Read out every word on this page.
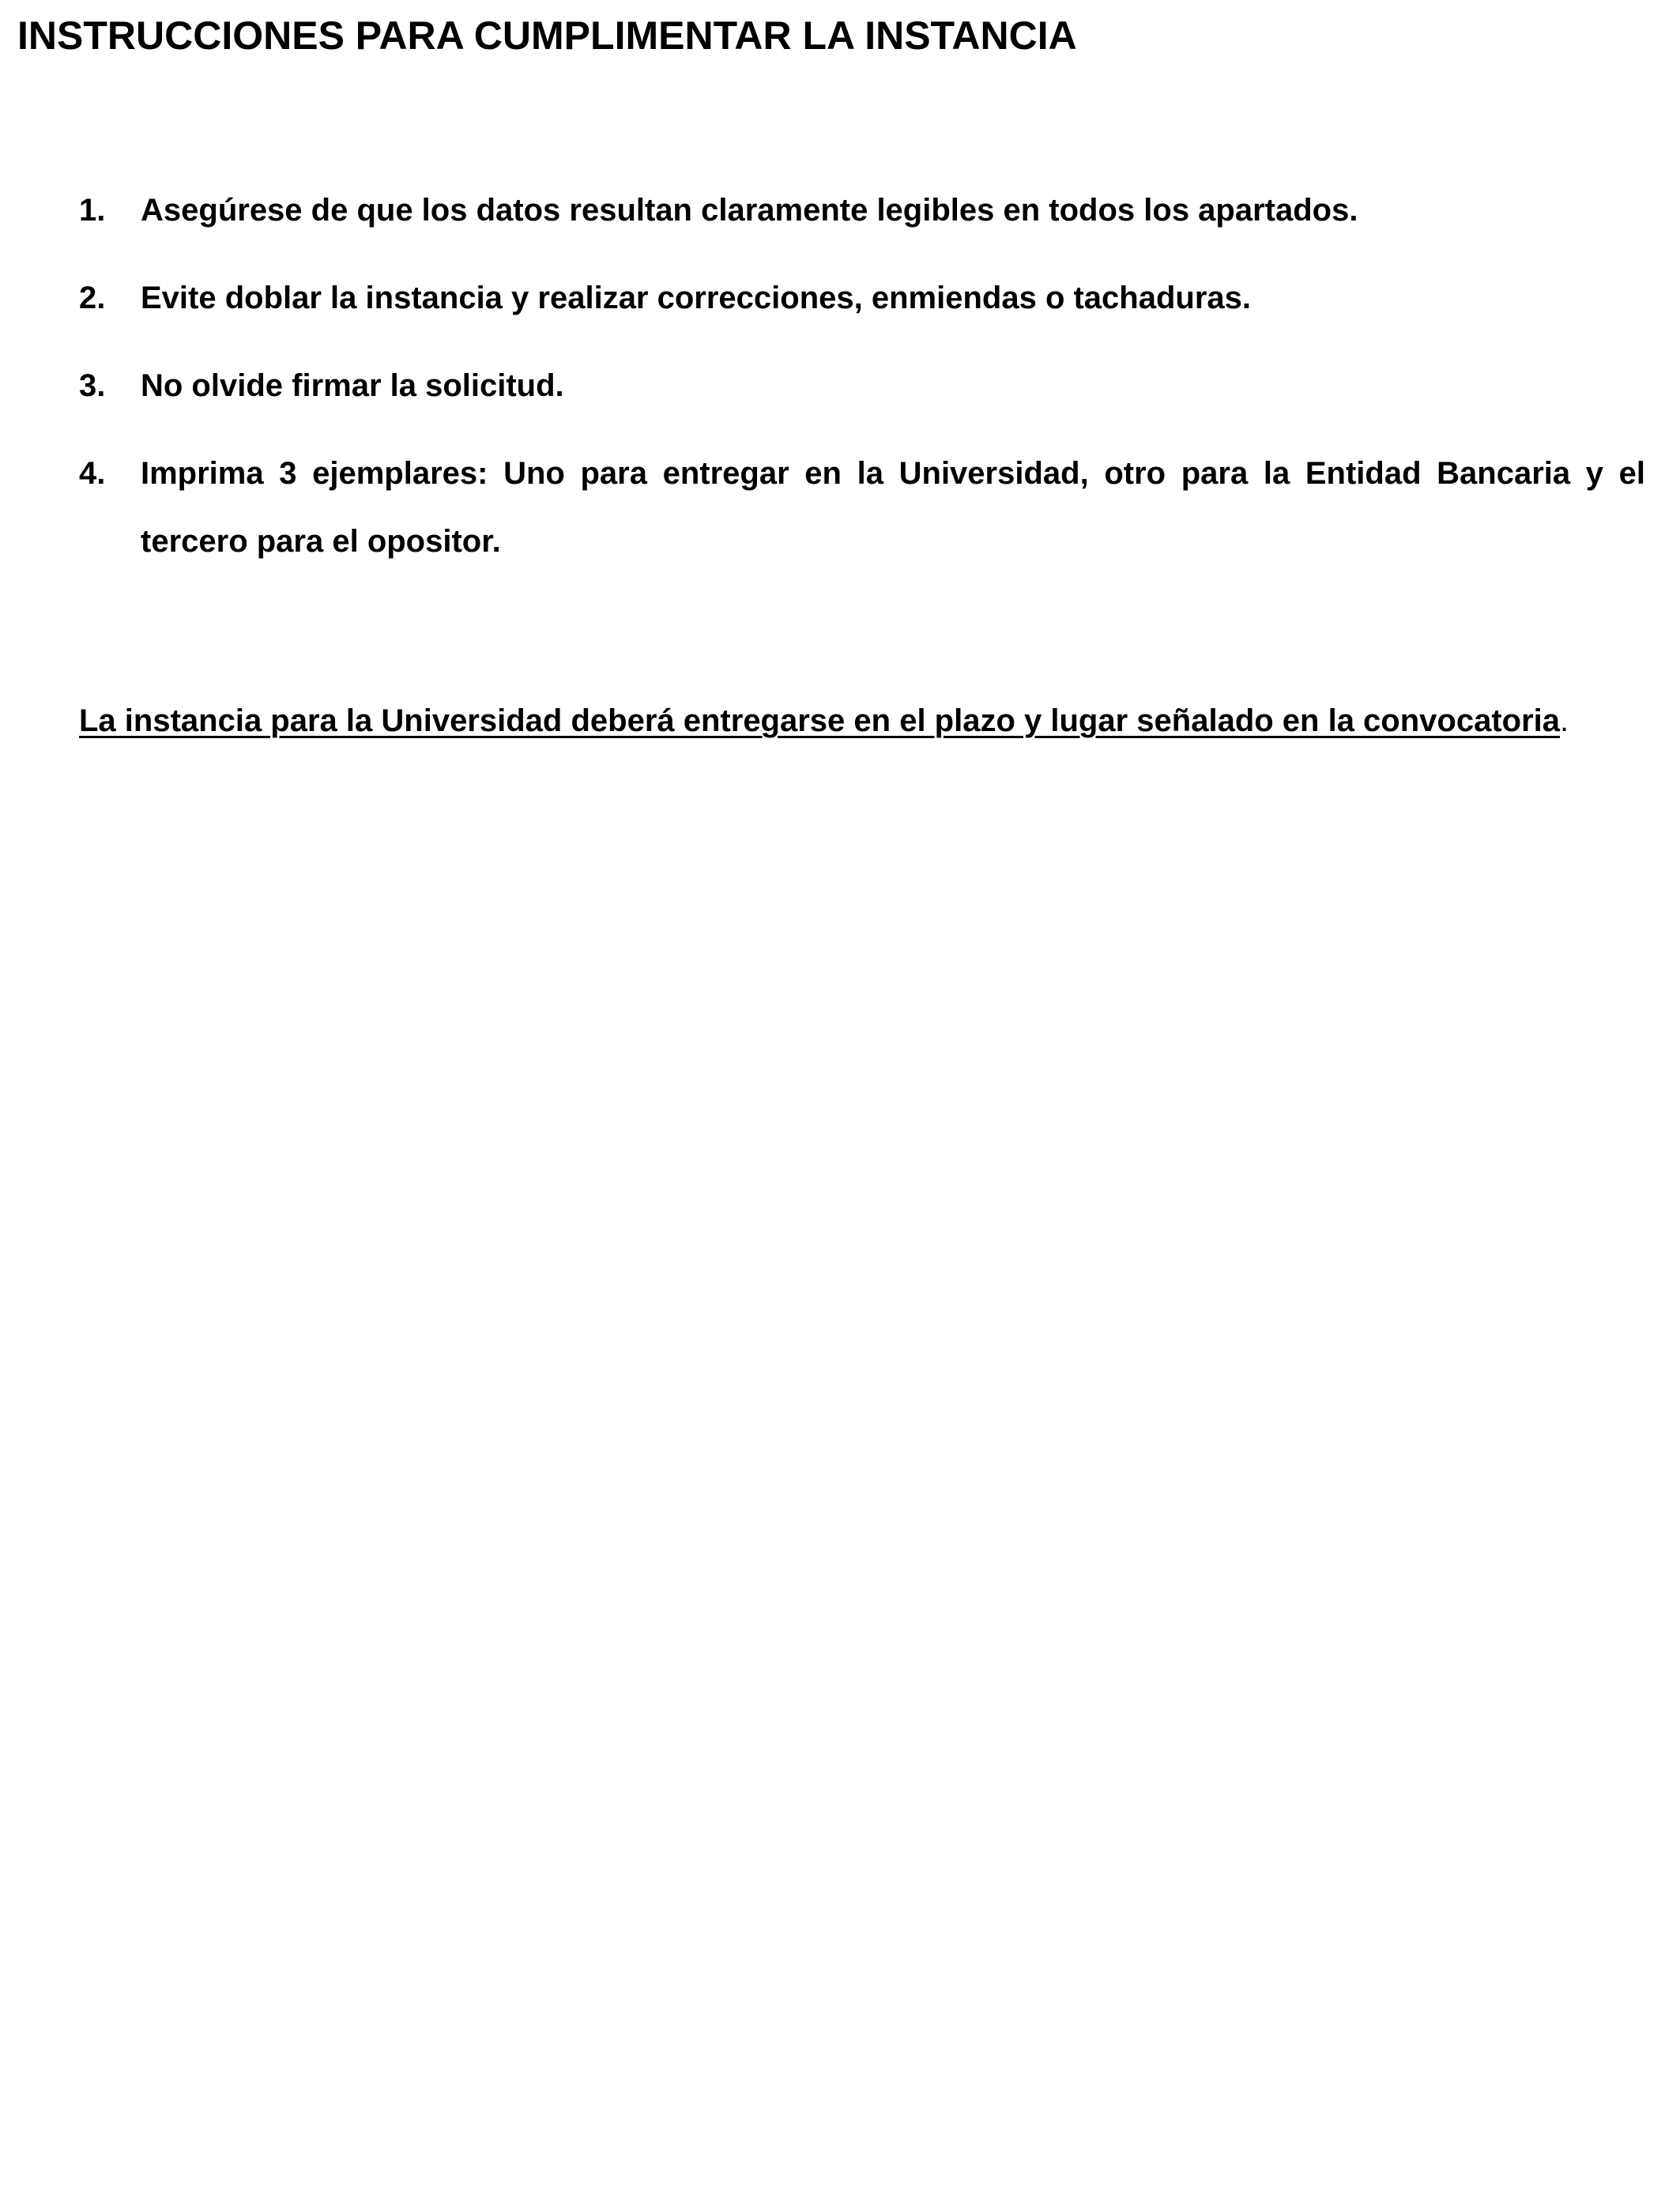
INSTRUCCIONES PARA CUMPLIMENTAR LA INSTANCIA
1.	Asegúrese de que los datos resultan claramente legibles en todos los apartados.
2.	Evite doblar la instancia y realizar correcciones, enmiendas o tachaduras.
3.	No olvide firmar la solicitud.
4.	Imprima 3 ejemplares: Uno para entregar en la Universidad, otro para la Entidad Bancaria y el tercero para el opositor.
La instancia para la Universidad deberá entregarse en el plazo y lugar señalado en la convocatoria.
